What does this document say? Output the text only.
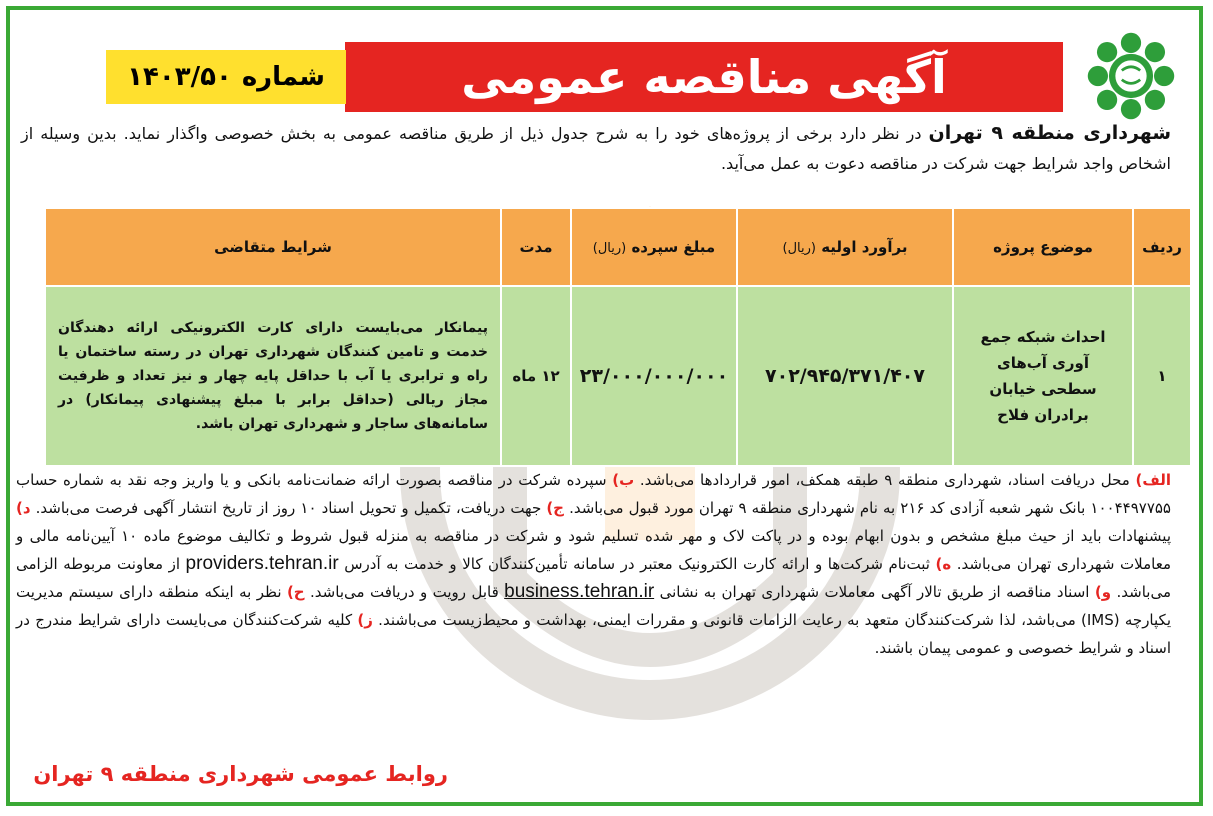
آگهی مناقصه عمومی
شماره
۱۴۰۳/۵۰
شهرداری منطقه ۹ تهران در نظر دارد برخی از پروژه‌های خود را به شرح جدول ذیل از طریق مناقصه عمومی به بخش خصوصی واگذار نماید. بدین وسیله از اشخاص واجد شرایط جهت شرکت در مناقصه دعوت به عمل می‌آید.
ردیف	موضوع پروژه	برآورد اولیه (ریال)	مبلغ سپرده (ریال)	مدت	شرایط متقاضی
۱	احداث شبکه جمع آوری آب‌های سطحی خیابان برادران فلاح	۷۰۲/۹۴۵/۳۷۱/۴۰۷	۲۳/۰۰۰/۰۰۰/۰۰۰	۱۲ ماه	پیمانکار می‌بایست دارای کارت الکترونیکی ارائه دهندگان خدمت و تامین کنندگان شهرداری تهران در رسته ساختمان یا راه و ترابری یا آب با حداقل پایه چهار و نیز تعداد و ظرفیت مجاز ریالی (حداقل برابر با مبلغ پیشنهادی پیمانکار) در سامانه‌های ساجار و شهرداری تهران باشد.
الف) محل دریافت اسناد، شهرداری منطقه ۹ طبقه همکف، امور قراردادها می‌باشد. ب) سپرده شرکت در مناقصه بصورت ارائه ضمانت‌نامه بانکی و یا واریز وجه نقد به شماره حساب ۱۰۰۴۴۹۷۷۵۵ بانک شهر شعبه آزادی کد ۲۱۶ به نام شهرداری منطقه ۹ تهران مورد قبول می‌باشد. ج) جهت دریافت، تکمیل و تحویل اسناد ۱۰ روز از تاریخ انتشار آگهی فرصت می‌باشد. د) پیشنهادات باید از حیث مبلغ مشخص و بدون ابهام بوده و در پاکت لاک و مهر شده تسلیم شود و شرکت در مناقصه به منزله قبول شروط و تکالیف موضوع ماده ۱۰ آیین‌نامه مالی و معاملات شهرداری تهران می‌باشد. ه) ثبت‌نام شرکت‌ها و ارائه کارت الکترونیک معتبر در سامانه تأمین‌کنندگان کالا و خدمت به آدرس providers.tehran.ir از معاونت مربوطه الزامی می‌باشد. و) اسناد مناقصه از طریق تالار آگهی معاملات شهرداری تهران به نشانی business.tehran.ir قابل رویت و دریافت می‌باشد. ح) نظر به اینکه منطقه دارای سیستم مدیریت یکپارچه (IMS) می‌باشد، لذا شرکت‌کنندگان متعهد به رعایت الزامات قانونی و مقررات ایمنی، بهداشت و محیط‌زیست می‌باشند. ز) کلیه شرکت‌کنندگان می‌بایست دارای شرایط مندرج در اسناد و شرایط خصوصی و عمومی پیمان باشند.
روابط عمومی شهرداری منطقه ۹ تهران
